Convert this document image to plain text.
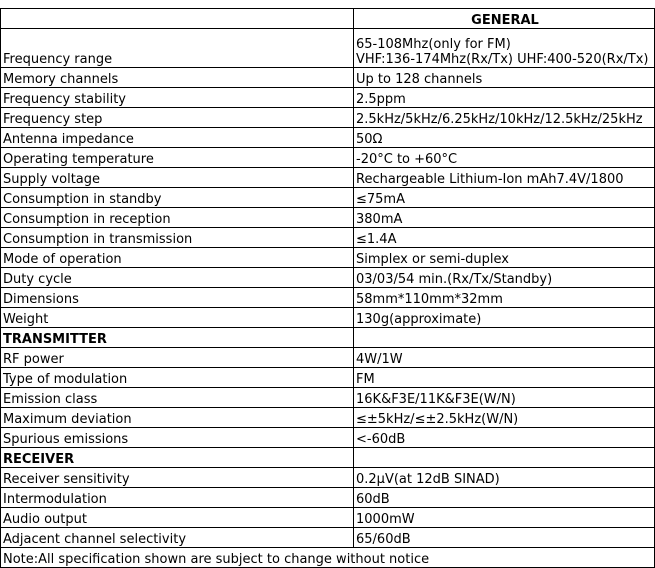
	GENERAL
Frequency range	65-108Mhz(only for FM)
VHF:136-174Mhz(Rx/Tx) UHF:400-520(Rx/Tx)

Memory channels	Up to 128 channels
Frequency stability	2.5ppm
Frequency step	2.5kHz/5kHz/6.25kHz/10kHz/12.5kHz/25kHz
Antenna impedance	50Ω
Operating temperature	-20°C to +60°C
Supply voltage	Rechargeable Lithium-Ion mAh7.4V/1800
Consumption in standby	≤75mA
Consumption in reception	380mA
Consumption in transmission	≤1.4A
Mode of operation	Simplex or semi-duplex
Duty cycle	03/03/54 min.(Rx/Tx/Standby)
Dimensions	58mm*110mm*32mm
Weight	130g(approximate)
TRANSMITTER	
RF power	4W/1W
Type of modulation	FM
Emission class	16K&F3E/11K&F3E(W/N)
Maximum deviation	≤±5kHz/≤±2.5kHz(W/N)
Spurious emissions	<-60dB
RECEIVER	
Receiver sensitivity	0.2μV(at 12dB SINAD)
Intermodulation	60dB
Audio output	1000mW
Adjacent channel selectivity	65/60dB
Note:All specification shown are subject to change without notice	
